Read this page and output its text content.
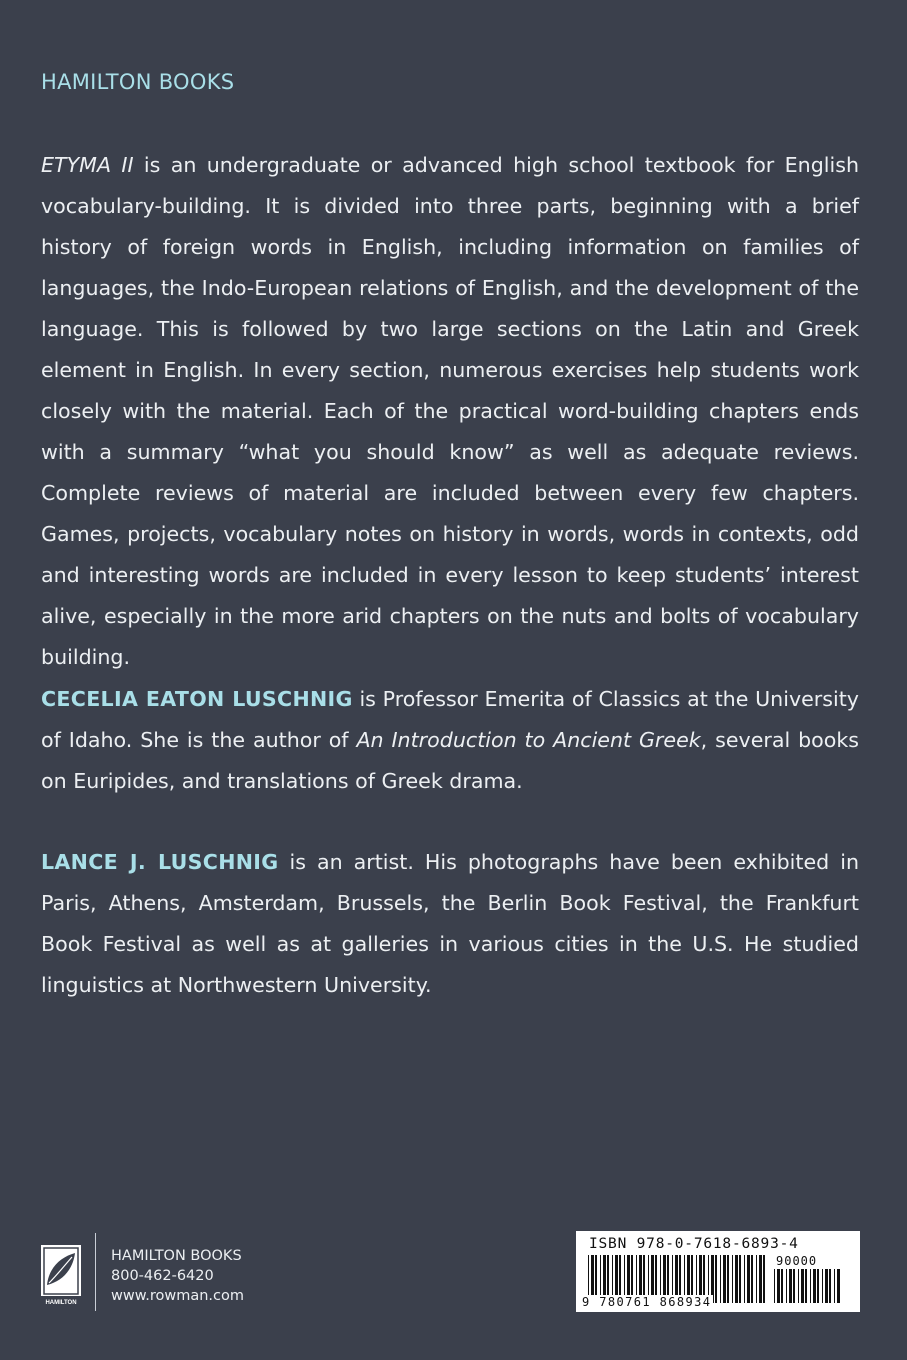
HAMILTON BOOKS

ETYMA II is an undergraduate or advanced high school textbook for English vocabulary-building. It is divided into three parts, beginning with a brief history of foreign words in English, including information on families of languages, the Indo-European relations of English, and the development of the language. This is followed by two large sections on the Latin and Greek element in English. In every section, numerous exercises help students work closely with the material. Each of the practical word-building chapters ends with a summary “what you should know” as well as adequate reviews. Complete reviews of material are included between every few chapters. Games, projects, vocabulary notes on history in words, words in contexts, odd and interesting words are included in every lesson to keep students’ interest alive, especially in the more arid chapters on the nuts and bolts of vocabulary building.

CECELIA EATON LUSCHNIG is Professor Emerita of Classics at the University of Idaho. She is the author of An Introduction to Ancient Greek, several books on Euripides, and translations of Greek drama.

LANCE J. LUSCHNIG is an artist. His photographs have been exhibited in Paris, Athens, Amsterdam, Brussels, the Berlin Book Festival, the Frankfurt Book Festival as well as at galleries in various cities in the U.S. He studied linguistics at Northwestern University.

HAMILTON
HAMILTON BOOKS
800-462-6420
www.rowman.com
ISBN 978-0-7618-6893-4
90000
9 780761 868934
